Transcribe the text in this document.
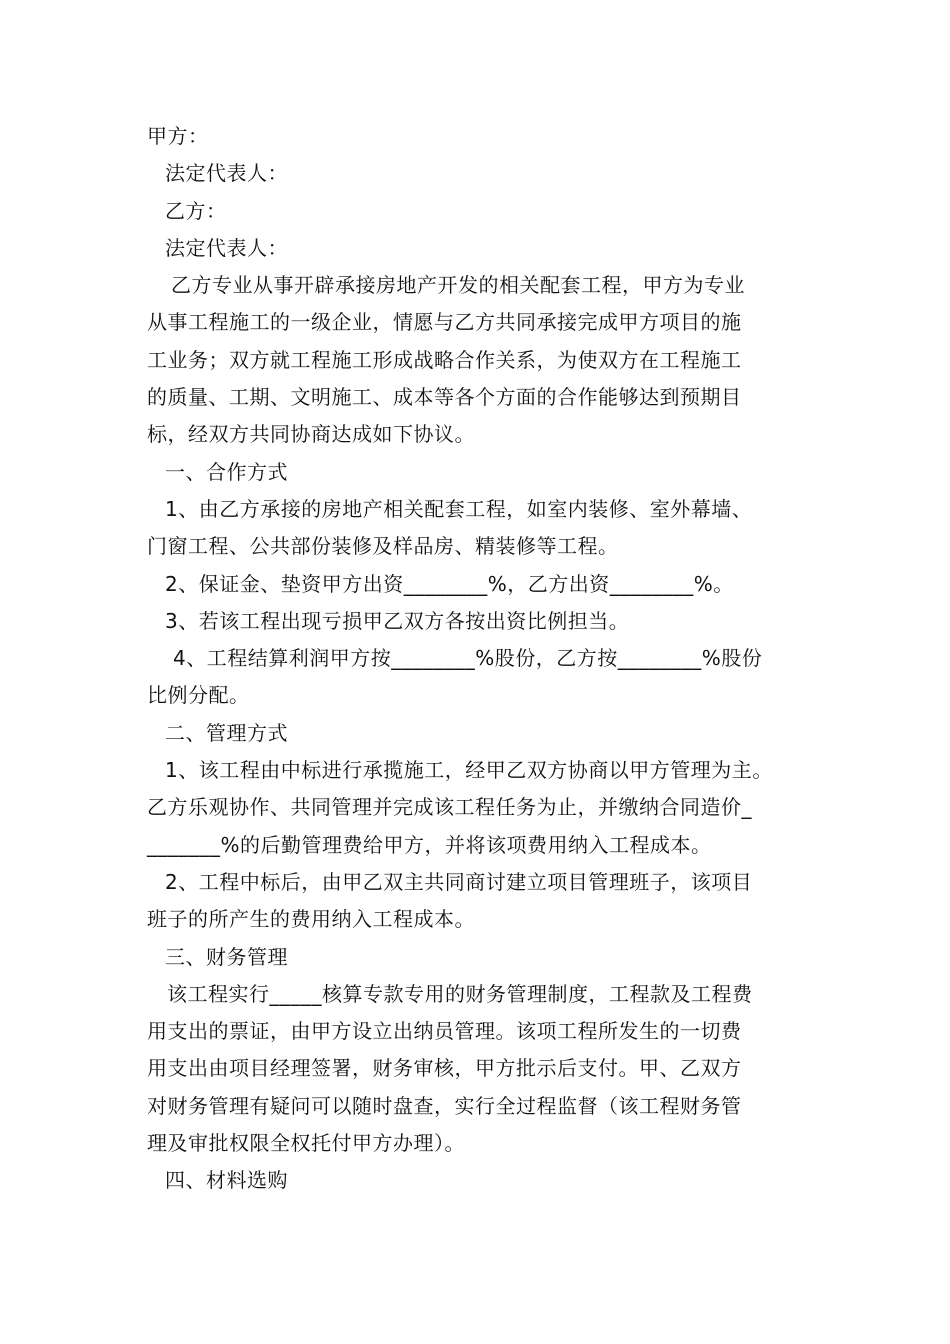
甲方：
法定代表人：
乙方：
法定代表人：
乙方专业从事开辟承接房地产开发的相关配套工程，甲方为专业
从事工程施工的一级企业，情愿与乙方共同承接完成甲方项目的施
工业务；双方就工程施工形成战略合作关系，为使双方在工程施工
的质量、工期、文明施工、成本等各个方面的合作能够达到预期目
标，经双方共同协商达成如下协议。
一、合作方式
1、由乙方承接的房地产相关配套工程，如室内装修、室外幕墙、
门窗工程、公共部份装修及样品房、精装修等工程。
2、保证金、垫资甲方出资________%，乙方出资________%。
3、若该工程出现亏损甲乙双方各按出资比例担当。
4、工程结算利润甲方按________%股份，乙方按________%股份
比例分配。
二、管理方式
1、该工程由中标进行承揽施工，经甲乙双方协商以甲方管理为主。
乙方乐观协作、共同管理并完成该工程任务为止，并缴纳合同造价_
_______%的后勤管理费给甲方，并将该项费用纳入工程成本。
2、工程中标后，由甲乙双主共同商讨建立项目管理班子，该项目
班子的所产生的费用纳入工程成本。
三、财务管理
该工程实行_____核算专款专用的财务管理制度，工程款及工程费
用支出的票证，由甲方设立出纳员管理。该项工程所发生的一切费
用支出由项目经理签署，财务审核，甲方批示后支付。甲、乙双方
对财务管理有疑问可以随时盘查，实行全过程监督（该工程财务管
理及审批权限全权托付甲方办理）。
四、材料选购
